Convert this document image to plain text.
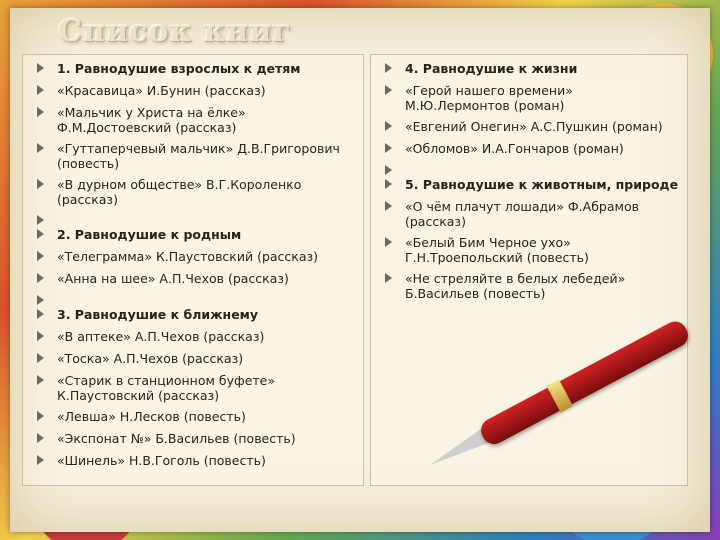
Список книг
1. Равнодушие взрослых к детям
«Красавица» И.Бунин (рассказ)
«Мальчик у Христа на ёлке» Ф.М.Достоевский (рассказ)
«Гуттаперчевый мальчик» Д.В.Григорович (повесть)
«В дурном обществе» В.Г.Короленко (рассказ)
2. Равнодушие к родным
«Телеграмма» К.Паустовский (рассказ)
«Анна на шее» А.П.Чехов (рассказ)
3. Равнодушие к ближнему
«В аптеке» А.П.Чехов (рассказ)
«Тоска» А.П.Чехов (рассказ)
«Старик в станционном буфете» К.Паустовский (рассказ)
«Левша» Н.Лесков (повесть)
«Экспонат №» Б.Васильев (повесть)
«Шинель» Н.В.Гоголь (повесть)
4. Равнодушие к жизни
«Герой нашего времени» М.Ю.Лермонтов (роман)
«Евгений Онегин» А.С.Пушкин (роман)
«Обломов» И.А.Гончаров (роман)
5. Равнодушие к животным, природе
«О чём плачут лошади» Ф.Абрамов (рассказ)
«Белый Бим Черное ухо» Г.Н.Троепольский (повесть)
«Не стреляйте в белых лебедей» Б.Васильев (повесть)
